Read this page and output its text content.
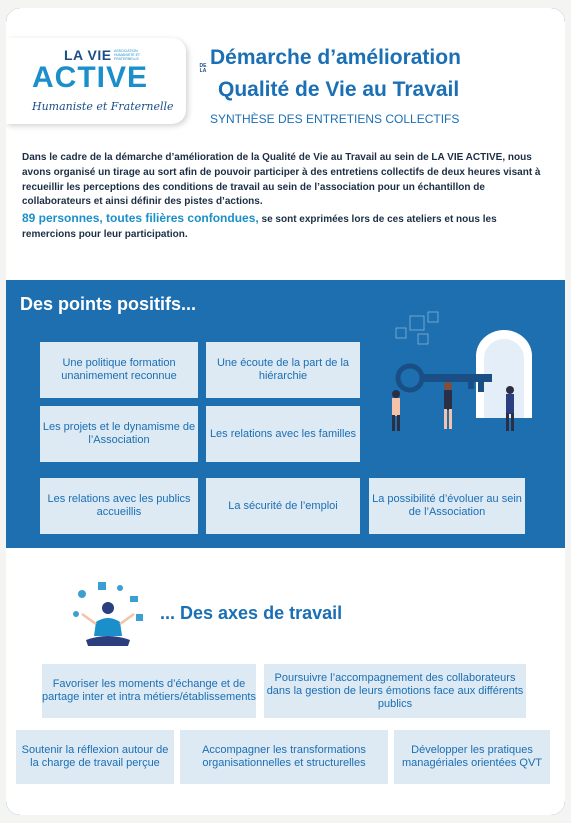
LA VIE ASSOCIATION HUMANISTE ET FRATERNELLE
ACTIVE
Humaniste et Fraternelle
DE LA
Démarche d’amélioration
Qualité de Vie au Travail
SYNTHÈSE DES ENTRETIENS COLLECTIFS
Dans le cadre de la démarche d’amélioration de la Qualité de Vie au Travail au sein de LA VIE ACTIVE, nous avons organisé un tirage au sort afin de pouvoir participer à des entretiens collectifs de deux heures visant à recueillir les perceptions des conditions de travail au sein de l’association pour un échantillon de collaborateurs et ainsi définir des pistes d’actions.
89 personnes, toutes filières confondues, se sont exprimées lors de ces ateliers et nous les remercions pour leur participation.
Des points positifs...
Une politique formation unanimement reconnue
Une écoute de la part de la hiérarchie
Les projets et le dynamisme de l’Association
Les relations avec les familles
Les relations avec les publics accueillis
La sécurité de l’emploi
La possibilité d’évoluer au sein de l’Association
... Des axes de travail
Favoriser les moments d’échange et de partage inter et intra métiers/établissements
Poursuivre l’accompagnement des collaborateurs dans la gestion de leurs émotions face aux différents publics
Soutenir la réflexion autour de la charge de travail perçue
Accompagner les transformations organisationnelles et structurelles
Développer les pratiques managériales orientées QVT
